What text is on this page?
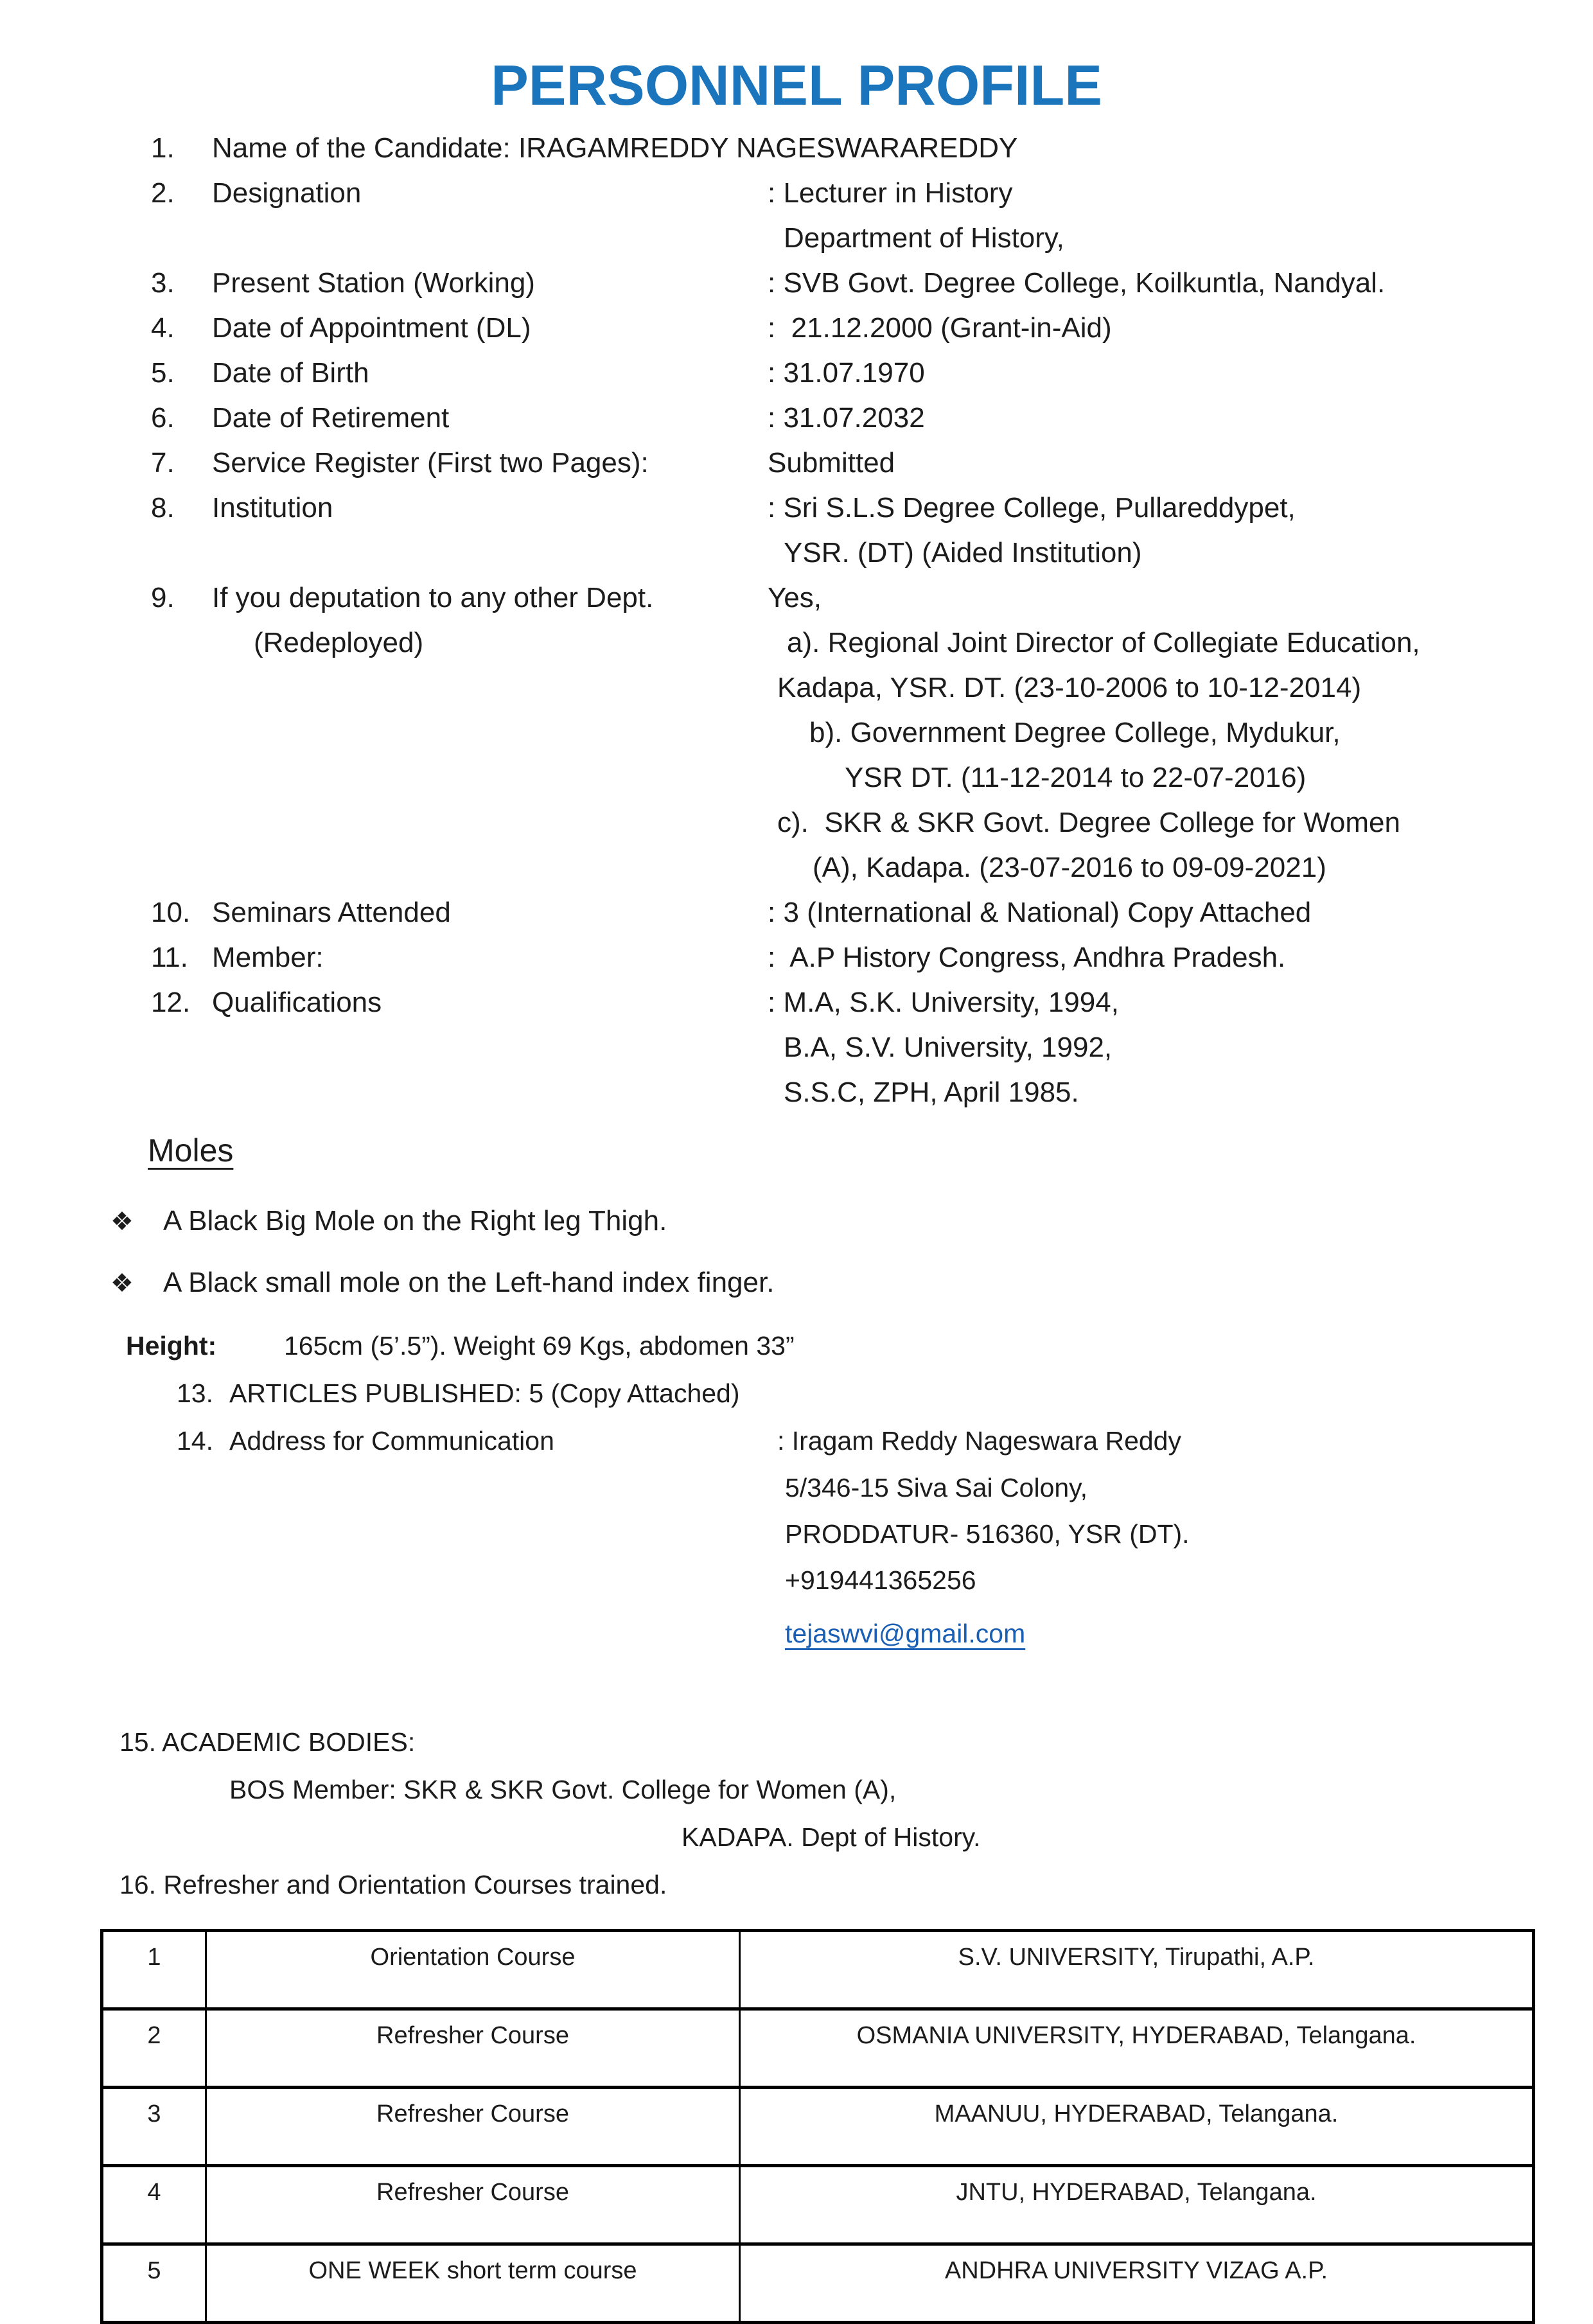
PERSONNEL PROFILE
1.	Name of the Candidate: IRAGAMREDDY NAGESWARAREDDY
2.	Designation	: Lecturer in History
Department of History,
3.	Present Station (Working)	: SVB Govt. Degree College, Koilkuntla, Nandyal.
4.	Date of Appointment (DL)	:  21.12.2000 (Grant-in-Aid)
5.	Date of Birth	: 31.07.1970
6.	Date of Retirement	: 31.07.2032
7.	Service Register (First two Pages):	Submitted
8.	Institution	: Sri S.L.S Degree College, Pullareddypet,
YSR. (DT) (Aided Institution)
9.	If you deputation to any other Dept.	Yes,
(Redeployed)	a). Regional Joint Director of Collegiate Education,
Kadapa, YSR. DT. (23-10-2006 to 10-12-2014)
b). Government Degree College, Mydukur,
YSR DT. (11-12-2014 to 22-07-2016)
c).  SKR & SKR Govt. Degree College for Women
(A), Kadapa. (23-07-2016 to 09-09-2021)
10. Seminars Attended	: 3 (International & National) Copy Attached
11. Member:	:  A.P History Congress, Andhra Pradesh.
12. Qualifications	: M.A, S.K. University, 1994,
B.A, S.V. University, 1992,
S.S.C, ZPH, April 1985.
Moles
❖	A Black Big Mole on the Right leg Thigh.
❖	A Black small mole on the Left-hand index finger.
Height:	165cm (5’.5”). Weight 69 Kgs, abdomen 33”
13. ARTICLES PUBLISHED: 5 (Copy Attached)
14. Address for Communication	: Iragam Reddy Nageswara Reddy
5/346-15 Siva Sai Colony,
PRODDATUR- 516360, YSR (DT).
+919441365256
tejaswvi@gmail.com
15. ACADEMIC BODIES:
BOS Member: SKR & SKR Govt. College for Women (A),
KADAPA. Dept of History.
16. Refresher and Orientation Courses trained.
1	Orientation Course	S.V. UNIVERSITY, Tirupathi, A.P.
2	Refresher Course	OSMANIA UNIVERSITY, HYDERABAD, Telangana.
3	Refresher Course	MAANUU, HYDERABAD, Telangana.
4	Refresher Course	JNTU, HYDERABAD, Telangana.
5	ONE WEEK short term course	ANDHRA UNIVERSITY VIZAG A.P.
